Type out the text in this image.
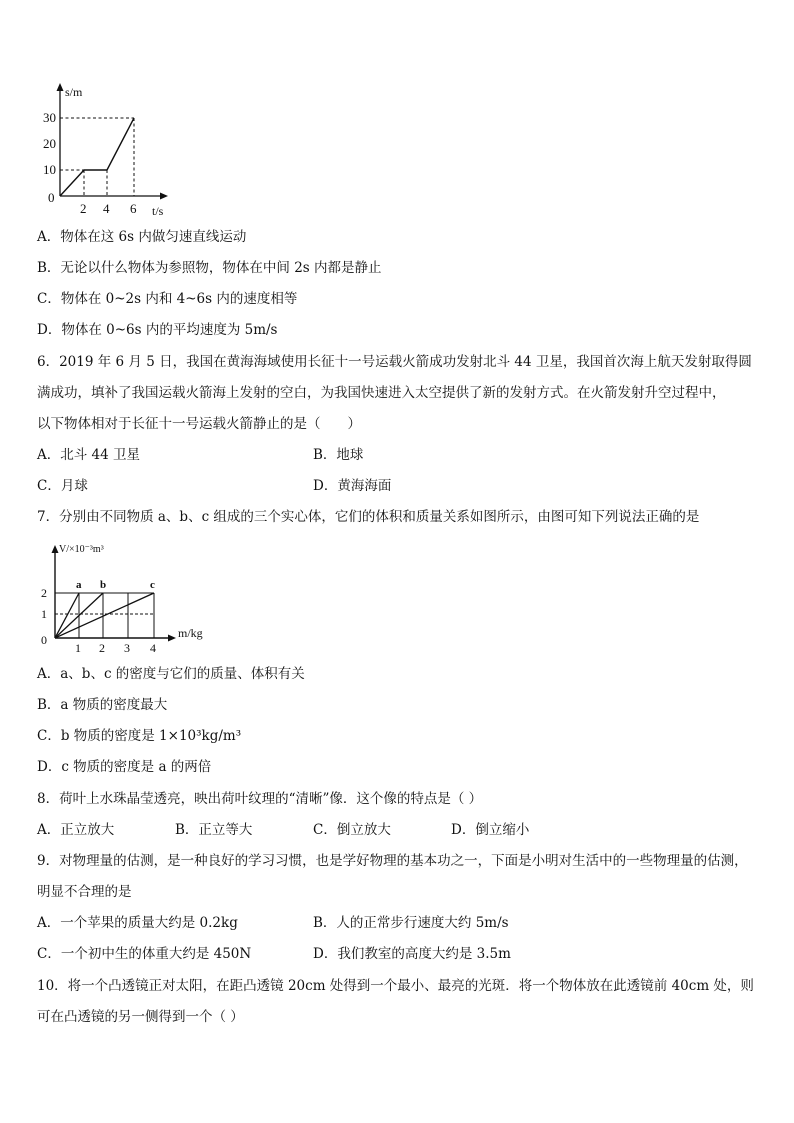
s/m
30
20
10
0
2 4 6 t/s
A．物体在这 6s 内做匀速直线运动
B．无论以什么物体为参照物，物体在中间 2s 内都是静止
C．物体在 0~2s 内和 4~6s 内的速度相等
D．物体在 0~6s 内的平均速度为 5m/s
6．2019 年 6 月 5 日，我国在黄海海域使用长征十一号运载火箭成功发射北斗 44 卫星，我国首次海上航天发射取得圆
满成功，填补了我国运载火箭海上发射的空白，为我国快速进入太空提供了新的发射方式。在火箭发射升空过程中，
以下物体相对于长征十一号运载火箭静止的是（　　）
A．北斗 44 卫星	B．地球
C．月球	D．黄海海面
7．分别由不同物质 a、b、c 组成的三个实心体，它们的体积和质量关系如图所示，由图可知下列说法正确的是
V/×10⁻³m³
2
1
0
1 2 3 4
m/kg
a b	c
A．a、b、c 的密度与它们的质量、体积有关
B．a 物质的密度最大
C．b 物质的密度是 1×10³kg/m³
D．c 物质的密度是 a 的两倍
8．荷叶上水珠晶莹透亮，映出荷叶纹理的“清晰”像．这个像的特点是（ ）
A．正立放大	B．正立等大	C．倒立放大	D．倒立缩小
9．对物理量的估测，是一种良好的学习习惯，也是学好物理的基本功之一，下面是小明对生活中的一些物理量的估测，
明显不合理的是
A．一个苹果的质量大约是 0.2kg	B．人的正常步行速度大约 5m/s
C．一个初中生的体重大约是 450N	D．我们教室的高度大约是 3.5m
10．将一个凸透镜正对太阳，在距凸透镜 20cm 处得到一个最小、最亮的光斑．将一个物体放在此透镜前 40cm 处，则
可在凸透镜的另一侧得到一个（ ）
